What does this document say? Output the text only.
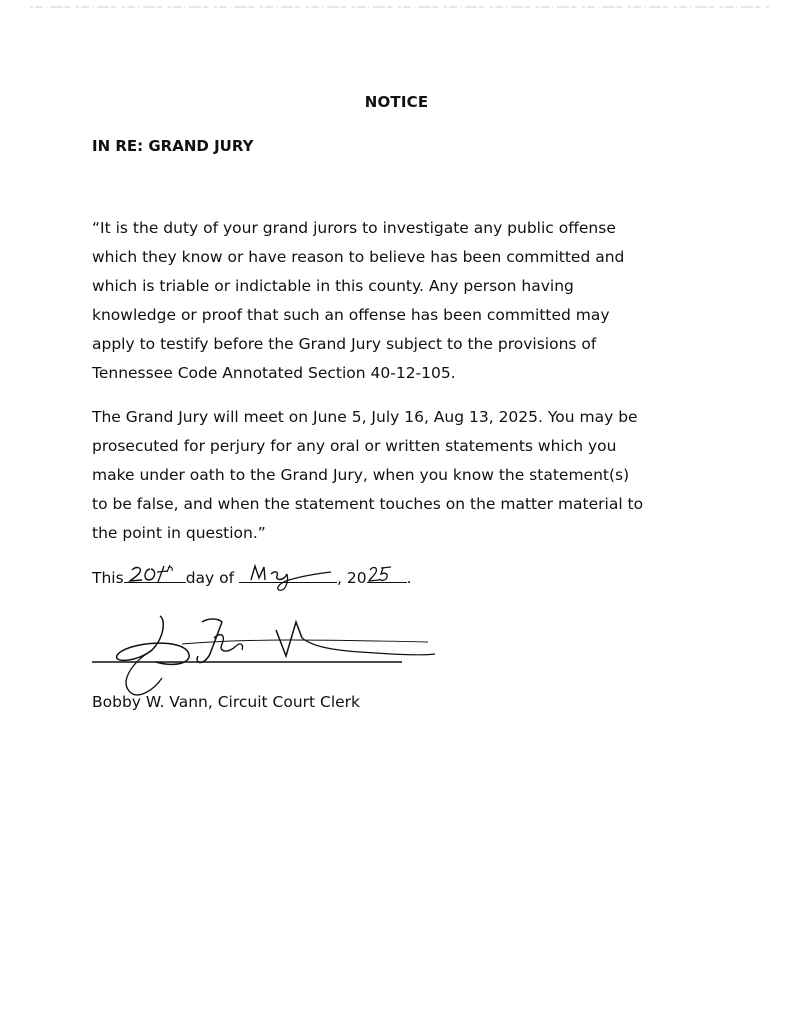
NOTICE
IN RE: GRAND JURY
“It is the duty of your grand jurors to investigate any public offense
which they know or have reason to believe has been committed and
which is triable or indictable in this county. Any person having
knowledge or proof that such an offense has been committed may
apply to testify before the Grand Jury subject to the provisions of
Tennessee Code Annotated Section 40-12-105.
The Grand Jury will meet on June 5, July 16, Aug 13, 2025. You may be
prosecuted for perjury for any oral or written statements which you
make under oath to the Grand Jury, when you know the statement(s)
to be false, and when the statement touches on the matter material to
the point in question.”
This	day of	, 20	.
Bobby W. Vann, Circuit Court Clerk
